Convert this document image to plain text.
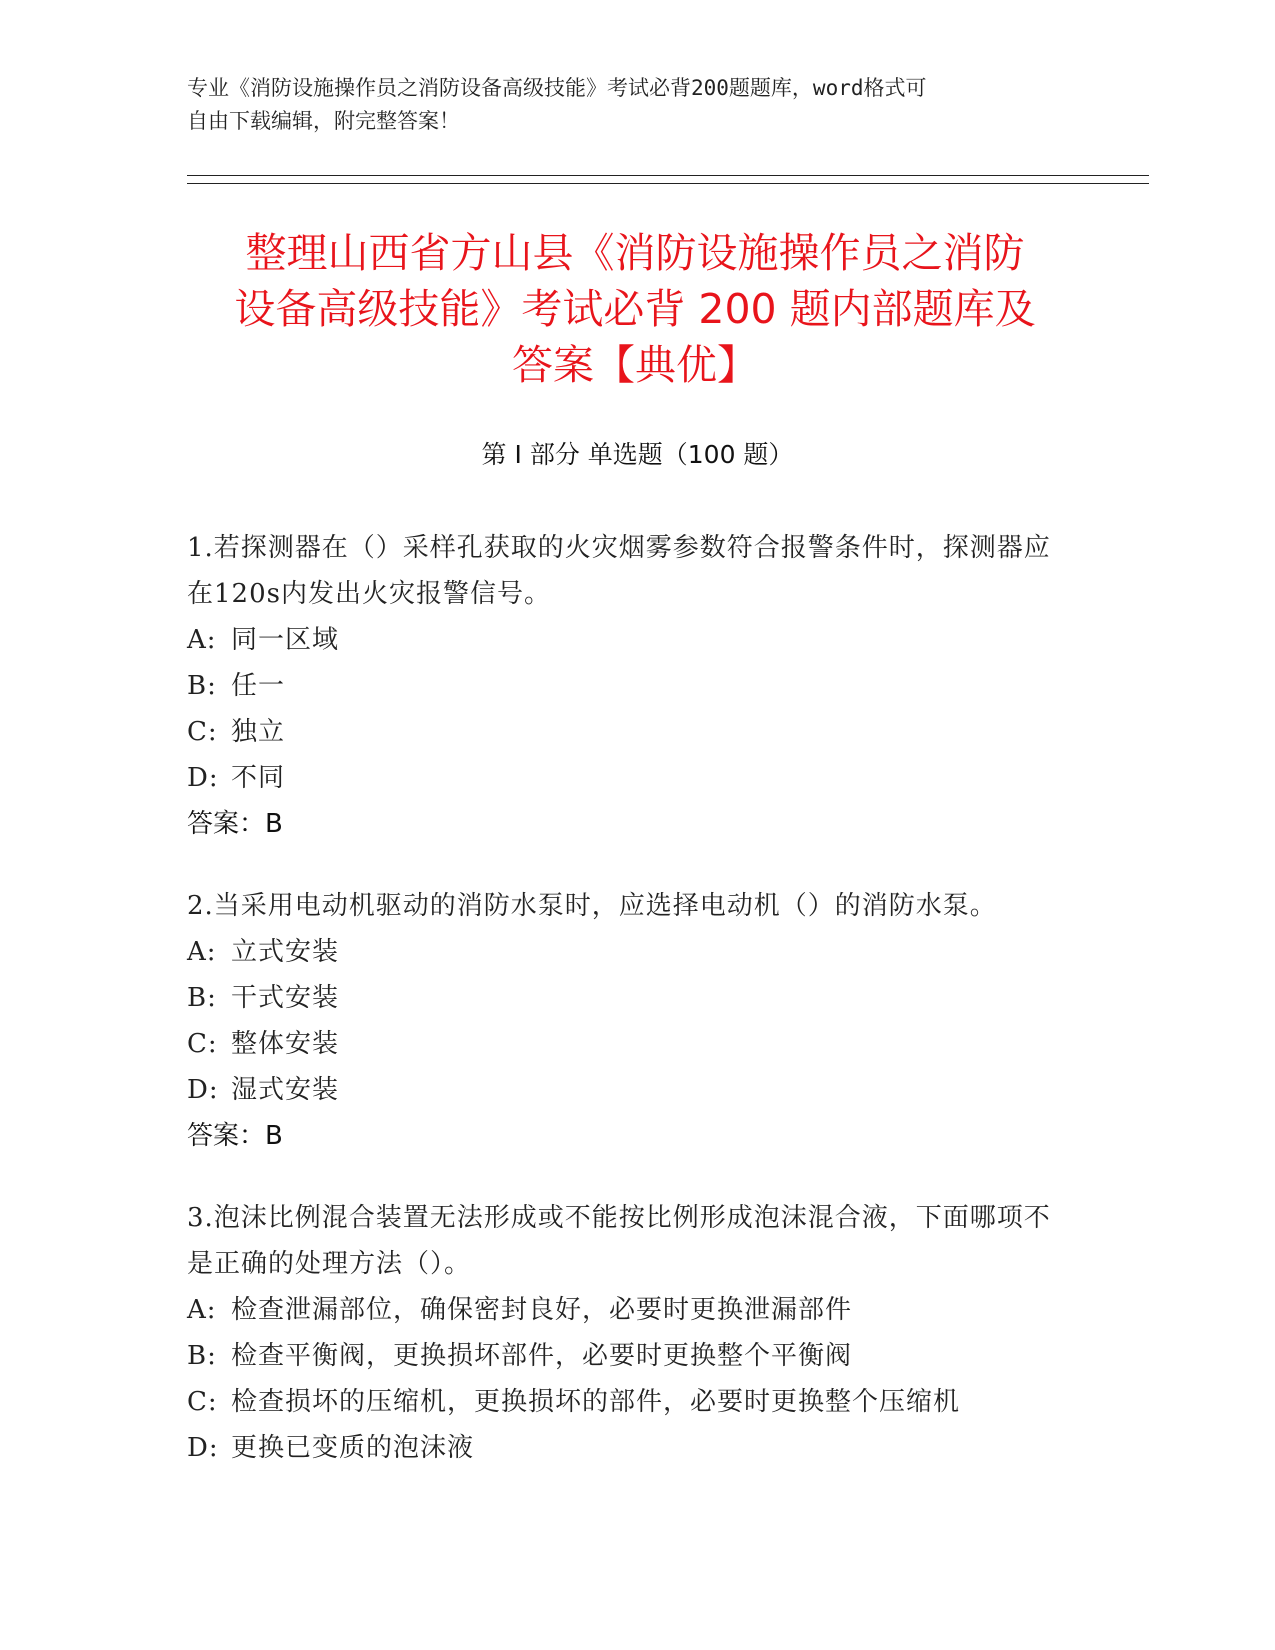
专业《消防设施操作员之消防设备高级技能》考试必背200题题库，word格式可
自由下载编辑，附完整答案！
整理山西省方山县《消防设施操作员之消防
设备高级技能》考试必背 200 题内部题库及
答案【典优】
第 I 部分 单选题（100 题）
1.若探测器在（）采样孔获取的火灾烟雾参数符合报警条件时，探测器应在120s内发出火灾报警信号。
A: 同一区域
B: 任一
C: 独立
D: 不同
答案：B
2.当采用电动机驱动的消防水泵时，应选择电动机（）的消防水泵。
A: 立式安装
B: 干式安装
C: 整体安装
D: 湿式安装
答案：B
3.泡沫比例混合装置无法形成或不能按比例形成泡沫混合液，下面哪项不是正确的处理方法（）。
A: 检查泄漏部位，确保密封良好，必要时更换泄漏部件
B: 检查平衡阀，更换损坏部件，必要时更换整个平衡阀
C: 检查损坏的压缩机，更换损坏的部件，必要时更换整个压缩机
D: 更换已变质的泡沫液
